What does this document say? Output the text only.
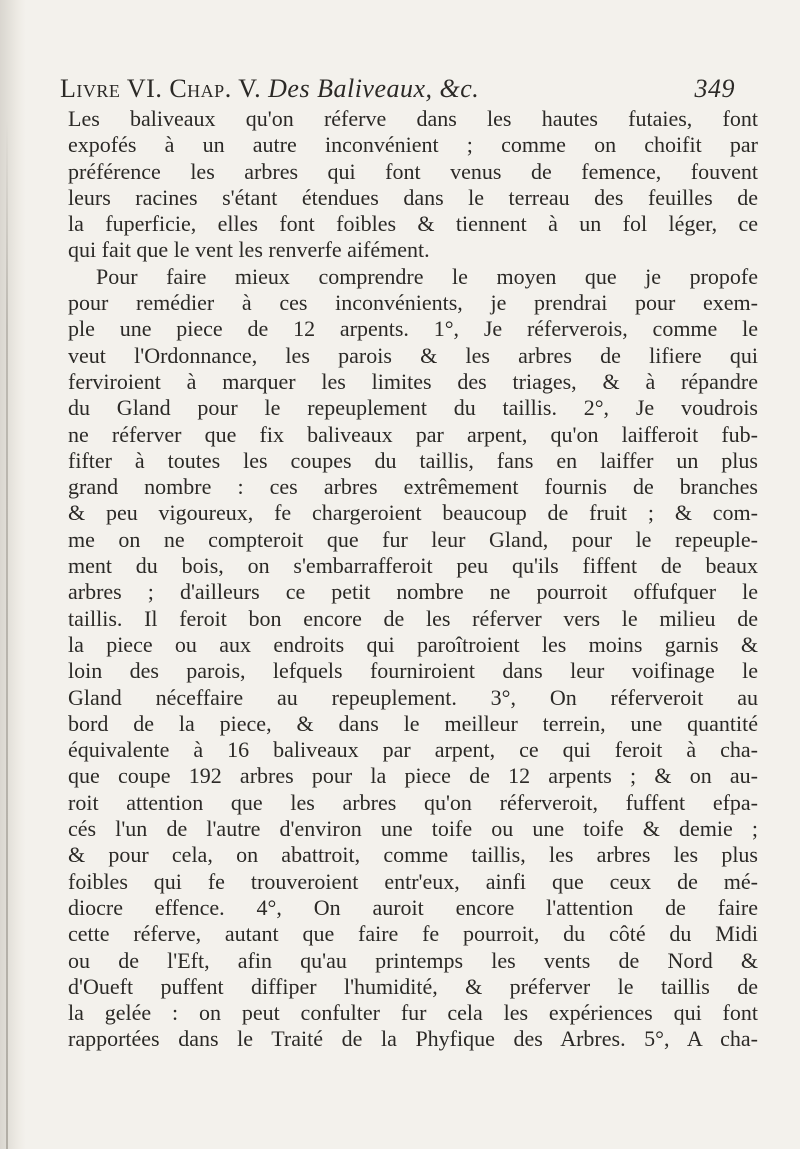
Livre VI. Chap. V. Des Baliveaux, &c.	349
Les baliveaux qu'on réferve dans les hautes futaies, font
expofés à un autre inconvénient ; comme on choifit par
préférence les arbres qui font venus de femence, fouvent
leurs racines s'étant étendues dans le terreau des feuilles de
la fuperficie, elles font foibles & tiennent à un fol léger, ce
qui fait que le vent les renverfe aifément.
Pour faire mieux comprendre le moyen que je propofe
pour remédier à ces inconvénients, je prendrai pour exem-
ple une piece de 12 arpents. 1°, Je réferverois, comme le
veut l'Ordonnance, les parois & les arbres de lifiere qui
ferviroient à marquer les limites des triages, & à répandre
du Gland pour le repeuplement du taillis. 2°, Je voudrois
ne réferver que fix baliveaux par arpent, qu'on laifferoit fub-
fifter à toutes les coupes du taillis, fans en laiffer un plus
grand nombre : ces arbres extrêmement fournis de branches
& peu vigoureux, fe chargeroient beaucoup de fruit ; & com-
me on ne compteroit que fur leur Gland, pour le repeuple-
ment du bois, on s'embarrafferoit peu qu'ils fiffent de beaux
arbres ; d'ailleurs ce petit nombre ne pourroit offufquer le
taillis. Il feroit bon encore de les réferver vers le milieu de
la piece ou aux endroits qui paroîtroient les moins garnis &
loin des parois, lefquels fourniroient dans leur voifinage le
Gland néceffaire au repeuplement. 3°, On réferveroit au
bord de la piece, & dans le meilleur terrein, une quantité
équivalente à 16 baliveaux par arpent, ce qui feroit à cha-
que coupe 192 arbres pour la piece de 12 arpents ; & on au-
roit attention que les arbres qu'on réferveroit, fuffent efpa-
cés l'un de l'autre d'environ une toife ou une toife & demie ;
& pour cela, on abattroit, comme taillis, les arbres les plus
foibles qui fe trouveroient entr'eux, ainfi que ceux de mé-
diocre effence. 4°, On auroit encore l'attention de faire
cette réferve, autant que faire fe pourroit, du côté du Midi
ou de l'Eft, afin qu'au printemps les vents de Nord &
d'Oueft puffent diffiper l'humidité, & préferver le taillis de
la gelée : on peut confulter fur cela les expériences qui font
rapportées dans le Traité de la Phyfique des Arbres. 5°, A cha-
